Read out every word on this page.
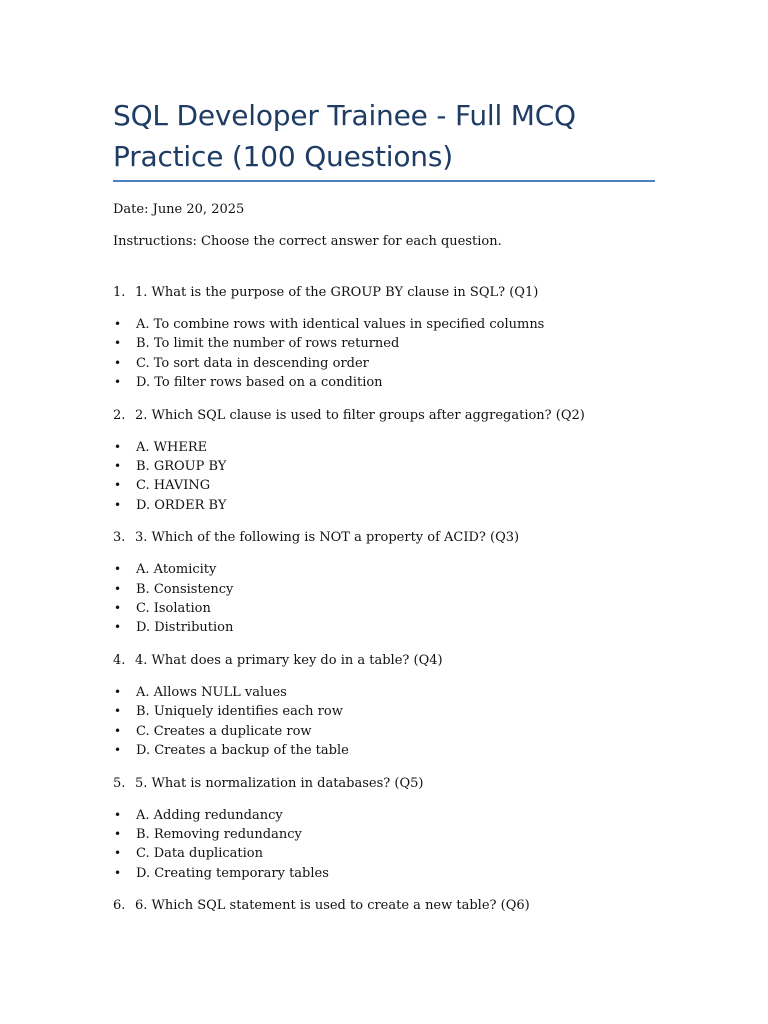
SQL Developer Trainee - Full MCQ Practice (100 Questions)

Date: June 20, 2025

Instructions: Choose the correct answer for each question.

1. 1. What is the purpose of the GROUP BY clause in SQL? (Q1)
•	A. To combine rows with identical values in specified columns
•	B. To limit the number of rows returned
•	C. To sort data in descending order
•	D. To filter rows based on a condition
2. 2. Which SQL clause is used to filter groups after aggregation? (Q2)
•	A. WHERE
•	B. GROUP BY
•	C. HAVING
•	D. ORDER BY
3. 3. Which of the following is NOT a property of ACID? (Q3)
•	A. Atomicity
•	B. Consistency
•	C. Isolation
•	D. Distribution
4. 4. What does a primary key do in a table? (Q4)
•	A. Allows NULL values
•	B. Uniquely identifies each row
•	C. Creates a duplicate row
•	D. Creates a backup of the table
5. 5. What is normalization in databases? (Q5)
•	A. Adding redundancy
•	B. Removing redundancy
•	C. Data duplication
•	D. Creating temporary tables
6. 6. Which SQL statement is used to create a new table? (Q6)
